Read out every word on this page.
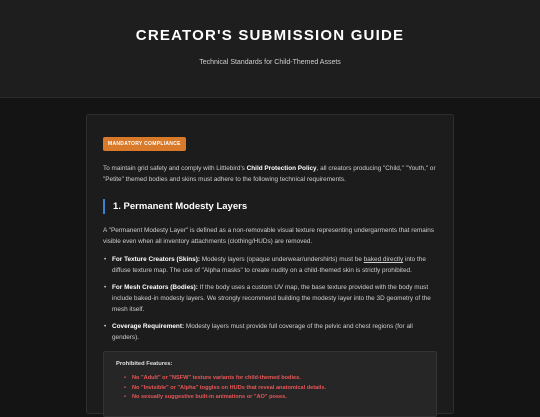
CREATOR'S SUBMISSION GUIDE
Technical Standards for Child-Themed Assets
MANDATORY COMPLIANCE

To maintain grid safety and comply with Littlebird's Child Protection Policy, all creators producing "Child," "Youth," or "Petite" themed bodies and skins must adhere to the following technical requirements.

1. Permanent Modesty Layers

A "Permanent Modesty Layer" is defined as a non-removable visual texture representing undergarments that remains visible even when all inventory attachments (clothing/HUDs) are removed.

• For Texture Creators (Skins): Modesty layers (opaque underwear/undershirts) must be baked directly into the diffuse texture map. The use of "Alpha masks" to create nudity on a child-themed skin is strictly prohibited.
• For Mesh Creators (Bodies): If the body uses a custom UV map, the base texture provided with the body must include baked-in modesty layers. We strongly recommend building the modesty layer into the 3D geometry of the mesh itself.
• Coverage Requirement: Modesty layers must provide full coverage of the pelvic and chest regions (for all genders).
Prohibited Features:
• No "Adult" or "NSFW" texture variants for child-themed bodies.
• No "Invisible" or "Alpha" toggles on HUDs that reveal anatomical details.
• No sexually suggestive built-in animations or "AO" poses.
